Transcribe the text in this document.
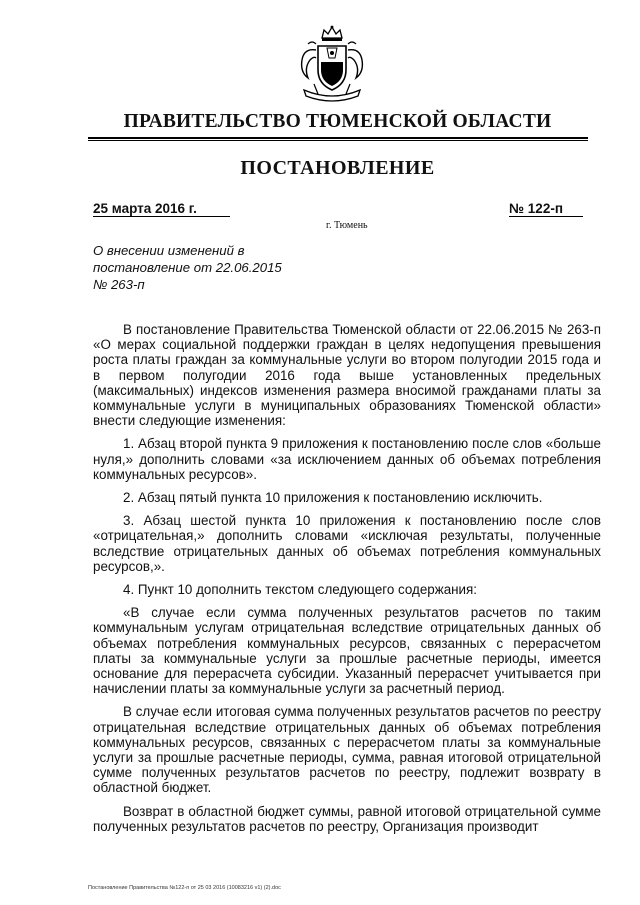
ПРАВИТЕЛЬСТВО ТЮМЕНСКОЙ ОБЛАСТИ
ПОСТАНОВЛЕНИЕ
25 марта 2016 г.	№ 122-п
г. Тюмень
О внесении изменений в
постановление от 22.06.2015
№ 263-п

В постановление Правительства Тюменской области от 22.06.2015 № 263-п «О мерах социальной поддержки граждан в целях недопущения превышения роста платы граждан за коммунальные услуги во втором полугодии 2015 года и в первом полугодии 2016 года выше установленных предельных (максимальных) индексов изменения размера вносимой гражданами платы за коммунальные услуги в муниципальных образованиях Тюменской области» внести следующие изменения:

1. Абзац второй пункта 9 приложения к постановлению после слов «больше нуля,» дополнить словами «за исключением данных об объемах потребления коммунальных ресурсов».

2. Абзац пятый пункта 10 приложения к постановлению исключить.

3. Абзац шестой пункта 10 приложения к постановлению после слов «отрицательная,» дополнить словами «исключая результаты, полученные вследствие отрицательных данных об объемах потребления коммунальных ресурсов,».

4. Пункт 10 дополнить текстом следующего содержания:

«В случае если сумма полученных результатов расчетов по таким коммунальным услугам отрицательная вследствие отрицательных данных об объемах потребления коммунальных ресурсов, связанных с перерасчетом платы за коммунальные услуги за прошлые расчетные периоды, имеется основание для перерасчета субсидии. Указанный перерасчет учитывается при начислении платы за коммунальные услуги за расчетный период.

В случае если итоговая сумма полученных результатов расчетов по реестру отрицательная вследствие отрицательных данных об объемах потребления коммунальных ресурсов, связанных с перерасчетом платы за коммунальные услуги за прошлые расчетные периоды, сумма, равная итоговой отрицательной сумме полученных результатов расчетов по реестру, подлежит возврату в областной бюджет.

Возврат в областной бюджет суммы, равной итоговой отрицательной сумме полученных результатов расчетов по реестру, Организация производит

Постановление Правительства №122-п от 25 03 2016 (10083216 v1) (2).doc
